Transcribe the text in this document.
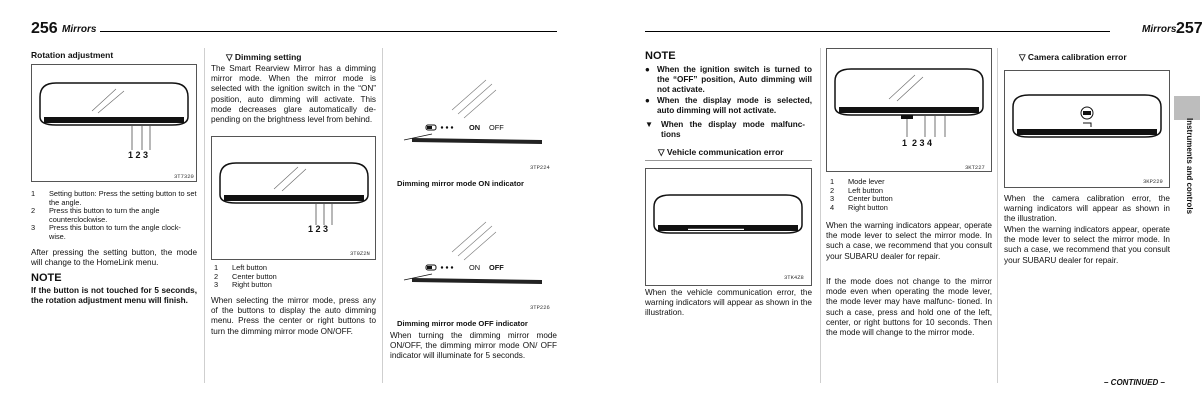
256 Mirrors
Rotation adjustment
1 2 3
3T7320
1	Setting button: Press the setting button to set the angle.
2	Press this button to turn the angle counterclockwise.
3	Press this button to turn the angle clock- wise.
After pressing the setting button, the mode will change to the HomeLink menu.
NOTE
If the button is not touched for 5 seconds, the rotation adjustment menu will finish.
▽ Dimming setting
The Smart Rearview Mirror has a dimming mirror mode. When the mirror mode is selected with the ignition switch in the “ON” position, auto dimming will activate. This mode decreases glare automatically de- pending on the brightness level from behind.
1 2 3
3T0Z2N
1	Left button
2	Center button
3	Right button
When selecting the mirror mode, press any of the buttons to display the auto dimming menu. Press the center or right buttons to turn the dimming mirror mode ON/OFF.
ON OFF
3TP224
Dimming mirror mode ON indicator
ON OFF
3TP226
Dimming mirror mode OFF indicator
When turning the dimming mirror mode ON/OFF, the dimming mirror mode ON/ OFF indicator will illuminate for 5 seconds.
Mirrors 257
NOTE
● When the ignition switch is turned to the “OFF” position, Auto dimming will not activate.
● When the display mode is selected, auto dimming will not activate.
▼ When the display mode malfunc- tions
▽ Vehicle communication error
▬▬▬▬▬▬▬▬▬▬▬▬▬▬
3TK4Z8
When the vehicle communication error, the warning indicators will appear as shown in the illustration.
1  2 3 4
3KT227
1	Mode lever
2	Left button
3	Center button
4	Right button
When the warning indicators appear, operate the mode lever to select the mirror mode. In such a case, we recommend that you consult your SUBARU dealer for repair.
If the mode does not change to the mirror mode even when operating the mode lever, the mode lever may have malfunc- tioned. In such a case, press and hold one of the left, center, or right buttons for 10 seconds. Then the mode will change to the mirror mode.
▽ Camera calibration error
3KP229
When the camera calibration error, the warning indicators will appear as shown in the illustration.
When the warning indicators appear, operate the mode lever to select the mirror mode. In such a case, we recommend that you consult your SUBARU dealer for repair.
Instruments and controls
– CONTINUED –
